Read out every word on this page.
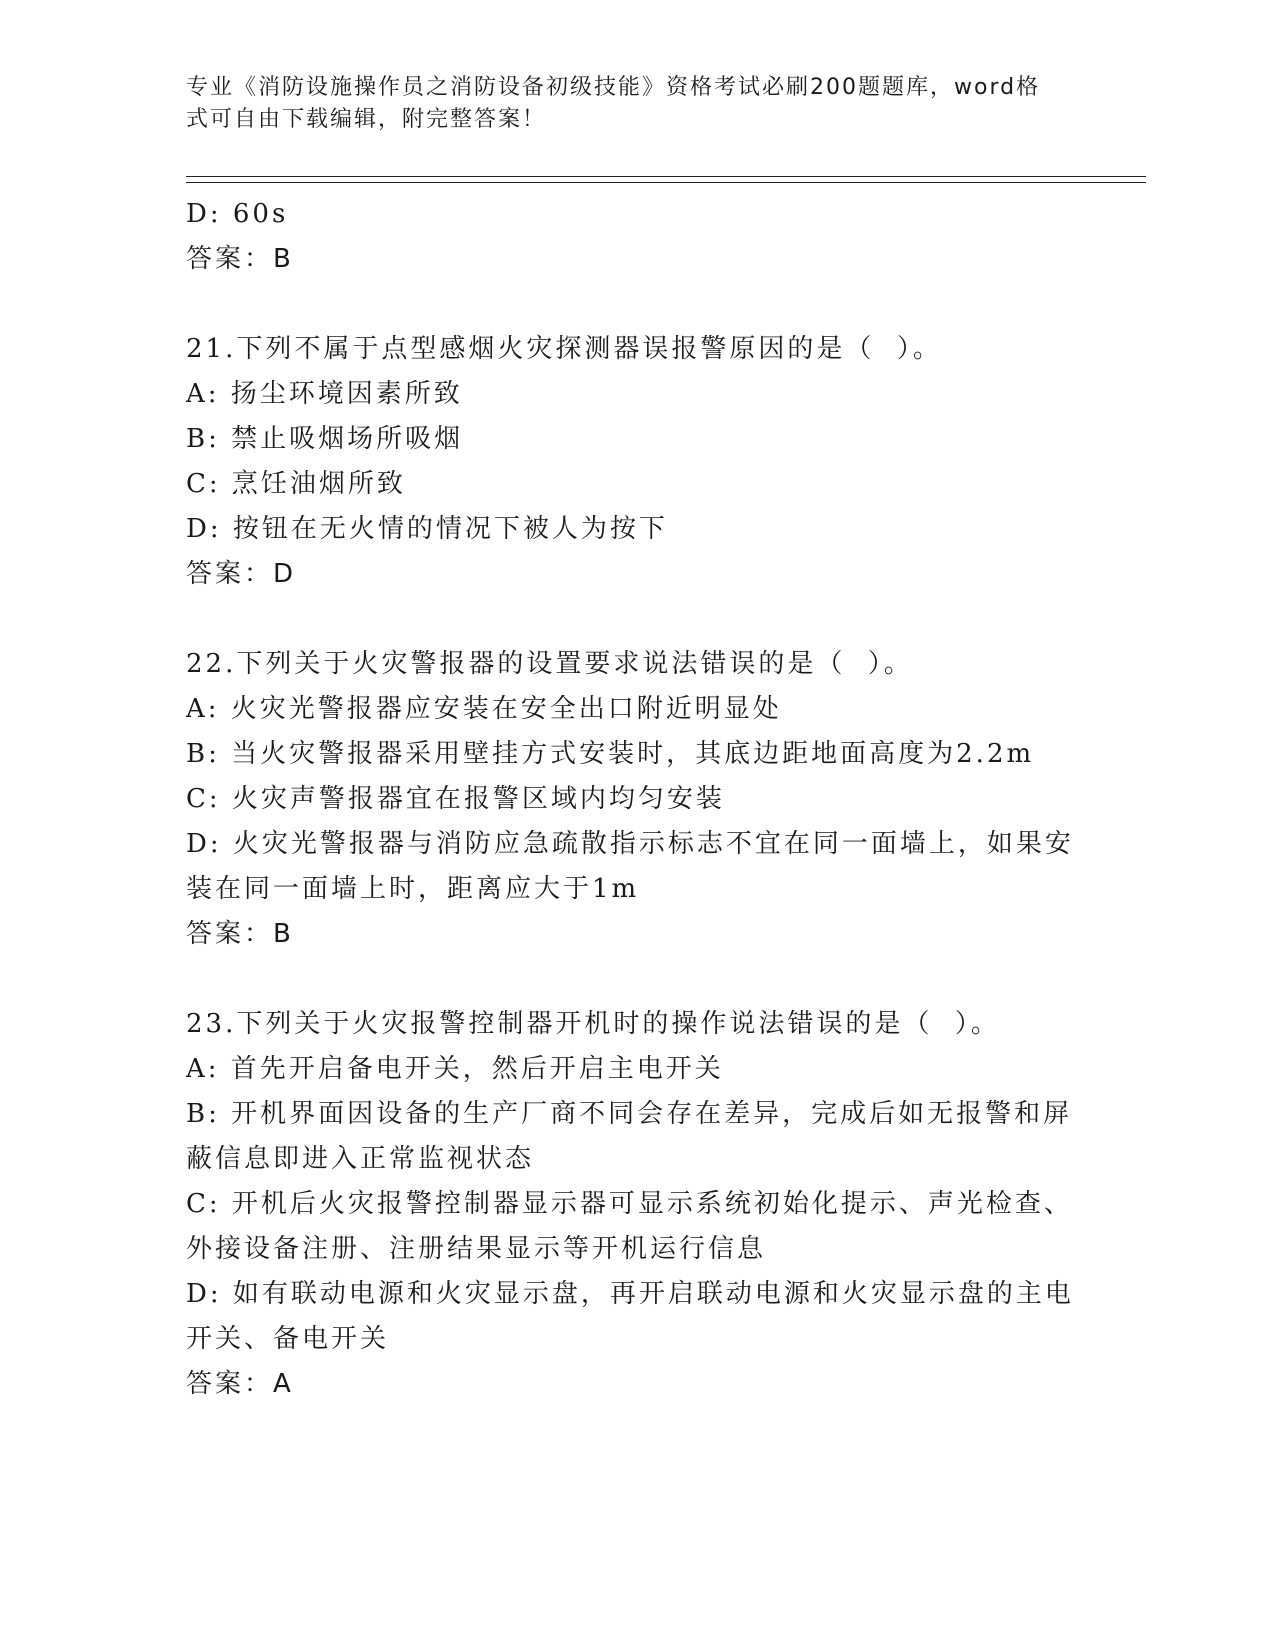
专业《消防设施操作员之消防设备初级技能》资格考试必刷200题题库，word格
式可自由下载编辑，附完整答案！
D: 60s
答案：B
21.下列不属于点型感烟火灾探测器误报警原因的是（  ）。
A: 扬尘环境因素所致
B: 禁止吸烟场所吸烟
C: 烹饪油烟所致
D: 按钮在无火情的情况下被人为按下
答案：D
22.下列关于火灾警报器的设置要求说法错误的是（  ）。
A: 火灾光警报器应安装在安全出口附近明显处
B: 当火灾警报器采用壁挂方式安装时，其底边距地面高度为2.2m
C: 火灾声警报器宜在报警区域内均匀安装
D: 火灾光警报器与消防应急疏散指示标志不宜在同一面墙上，如果安
装在同一面墙上时，距离应大于1m
答案：B
23.下列关于火灾报警控制器开机时的操作说法错误的是（  ）。
A: 首先开启备电开关，然后开启主电开关
B: 开机界面因设备的生产厂商不同会存在差异，完成后如无报警和屏
蔽信息即进入正常监视状态
C: 开机后火灾报警控制器显示器可显示系统初始化提示、声光检查、
外接设备注册、注册结果显示等开机运行信息
D: 如有联动电源和火灾显示盘，再开启联动电源和火灾显示盘的主电
开关、备电开关
答案：A
